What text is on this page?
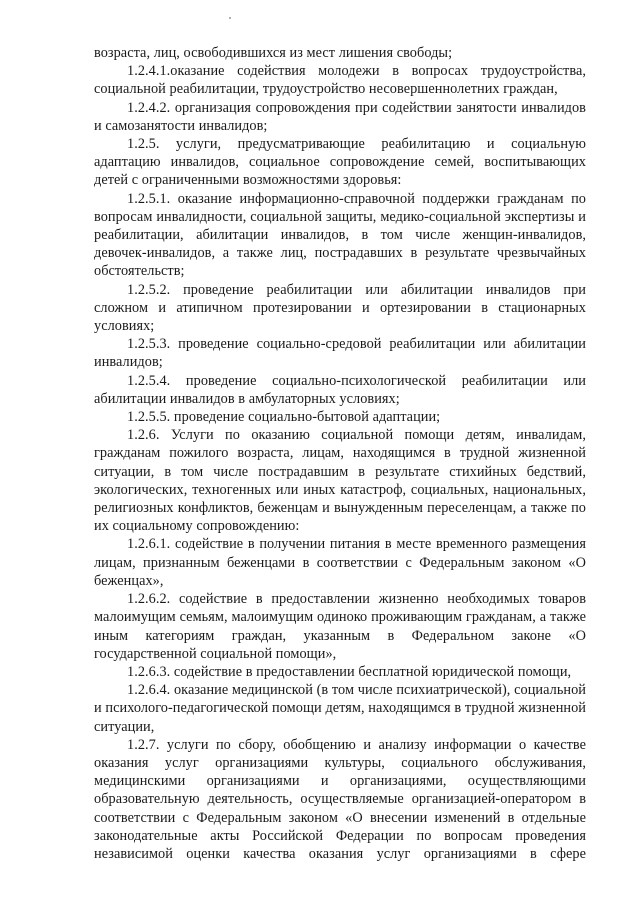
возраста, лиц, освободившихся из мест лишения свободы;

1.2.4.1.оказание содействия молодежи в вопросах трудоустройства, социальной реабилитации, трудоустройство несовершеннолетних граждан,

1.2.4.2. организация сопровождения при содействии занятости инвалидов и самозанятости инвалидов;

1.2.5. услуги, предусматривающие реабилитацию и социальную адаптацию инвалидов, социальное сопровождение семей, воспитывающих детей с ограниченными возможностями здоровья:

1.2.5.1. оказание информационно-справочной поддержки гражданам по вопросам инвалидности, социальной защиты, медико-социальной экспертизы и реабилитации, абилитации инвалидов, в том числе женщин-инвалидов, девочек-инвалидов, а также лиц, пострадавших в результате чрезвычайных обстоятельств;

1.2.5.2. проведение реабилитации или абилитации инвалидов при сложном и атипичном протезировании и ортезировании в стационарных условиях;

1.2.5.3. проведение социально-средовой реабилитации или абилитации инвалидов;

1.2.5.4. проведение социально-психологической реабилитации или абилитации инвалидов в амбулаторных условиях;

1.2.5.5. проведение социально-бытовой адаптации;

1.2.6. Услуги по оказанию социальной помощи детям, инвалидам, гражданам пожилого возраста, лицам, находящимся в трудной жизненной ситуации, в том числе пострадавшим в результате стихийных бедствий, экологических, техногенных или иных катастроф, социальных, национальных, религиозных конфликтов, беженцам и вынужденным переселенцам, а также по их социальному сопровождению:

1.2.6.1. содействие в получении питания в месте временного размещения лицам, признанным беженцами в соответствии с Федеральным законом «О беженцах»,

1.2.6.2. содействие в предоставлении жизненно необходимых товаров малоимущим семьям, малоимущим одиноко проживающим гражданам, а также иным категориям граждан, указанным в Федеральном законе «О государственной социальной помощи»,

1.2.6.3. содействие в предоставлении бесплатной юридической помощи,

1.2.6.4. оказание медицинской (в том числе психиатрической), социальной и психолого-педагогической помощи детям, находящимся в трудной жизненной ситуации,

1.2.7. услуги по сбору, обобщению и анализу информации о качестве оказания услуг организациями культуры, социального обслуживания, медицинскими организациями и организациями, осуществляющими образовательную деятельность, осуществляемые организацией-оператором в соответствии с Федеральным законом «О внесении изменений в отдельные законодательные акты Российской Федерации по вопросам проведения независимой оценки качества оказания услуг организациями в сфере
